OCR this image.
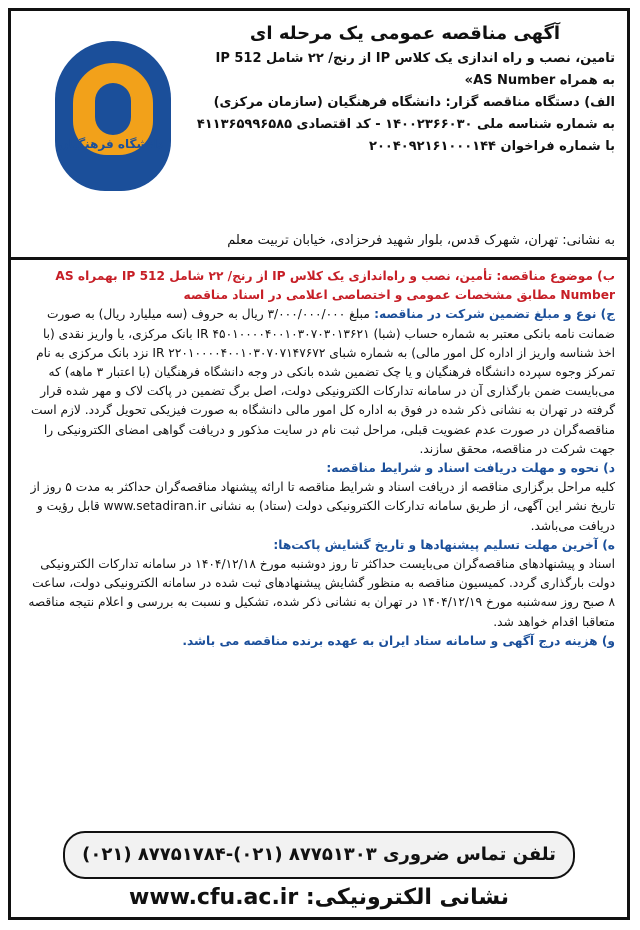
دانشگاه فرهنگیان
آگهی مناقصه عمومی یک مرحله ای
تامین، نصب و راه اندازی یک کلاس IP از رنج/ ۲۲ شامل IP 512
به همراه AS Number»
الف) دستگاه مناقصه گزار: دانشگاه فرهنگیان (سازمان مرکزی)
به شماره شناسه ملی ۱۴۰۰۲۳۶۶۰۳۰ - کد اقتصادی ۴۱۱۳۶۵۹۹۶۵۸۵
با شماره فراخوان ۲۰۰۴۰۹۲۱۶۱۰۰۰۱۴۴
به نشانی: تهران، شهرک قدس، بلوار شهید فرحزادی، خیابان تربیت معلم

ب) موضوع مناقصه: تأمین، نصب و راه‌اندازی یک کلاس IP از رنج/ ۲۲ شامل IP 512 بهمراه AS Number مطابق مشخصات عمومی و اختصاصی اعلامی در اسناد مناقصه

ج) نوع و مبلغ تضمین شرکت در مناقصه: مبلغ ۳/۰۰۰/۰۰۰/۰۰۰ ریال به حروف (سه میلیارد ریال) به صورت ضمانت نامه بانکی معتبر به شماره حساب (شبا) IR ۴۵۰۱۰۰۰۰۴۰۰۱۰۳۰۷۰۳۰۱۳۶۲۱ بانک مرکزی، یا واریز نقدی (با اخذ شناسه واریز از اداره کل امور مالی) به شماره شبای IR ۲۲۰۱۰۰۰۰۴۰۰۱۰۳۰۷۰۷۱۴۷۶۷۲ نزد بانک مرکزی به نام تمرکز وجوه سپرده دانشگاه فرهنگیان و یا چک تضمین شده بانکی در وجه دانشگاه فرهنگیان (با اعتبار ۳ ماهه) که می‌بایست ضمن بارگذاری آن در سامانه تدارکات الکترونیکی دولت، اصل برگ تضمین در پاکت لاک و مهر شده قرار گرفته در تهران به نشانی ذکر شده در فوق به اداره کل امور مالی دانشگاه به صورت فیزیکی تحویل گردد. لازم است مناقصه‌گران در صورت عدم عضویت قبلی، مراحل ثبت نام در سایت مذکور و دریافت گواهی امضای الکترونیکی را جهت شرکت در مناقصه، محقق سازند.

د) نحوه و مهلت دریافت اسناد و شرایط مناقصه:

کلیه مراحل برگزاری مناقصه از دریافت اسناد و شرایط مناقصه تا ارائه پیشنهاد مناقصه‌گران حداکثر به مدت ۵ روز از تاریخ نشر این آگهی، از طریق سامانه تدارکات الکترونیکی دولت (ستاد) به نشانی www.setadiran.ir قابل رؤیت و دریافت می‌باشد.

ه) آخرین مهلت تسلیم پیشنهادها و تاریخ گشایش پاکت‌ها:

اسناد و پیشنهادهای مناقصه‌گران می‌بایست حداکثر تا روز دوشنبه مورخ ۱۴۰۴/۱۲/۱۸ در سامانه تدارکات الکترونیکی دولت بارگذاری گردد. کمیسیون مناقصه به منظور گشایش پیشنهادهای ثبت شده در سامانه الکترونیکی دولت، ساعت ۸ صبح روز سه‌شنبه مورخ ۱۴۰۴/۱۲/۱۹ در تهران به نشانی ذکر شده، تشکیل و نسبت به بررسی و اعلام نتیجه مناقصه متعاقبا اقدام خواهد شد.

و) هزینه درج آگهی و سامانه ستاد ایران به عهده برنده مناقصه می باشد.

تلفن تماس ضروری ۸۷۷۵۱۳۰۳ (۰۲۱)-۸۷۷۵۱۷۸۴ (۰۲۱)
نشانی الکترونیکی: www.cfu.ac.ir
